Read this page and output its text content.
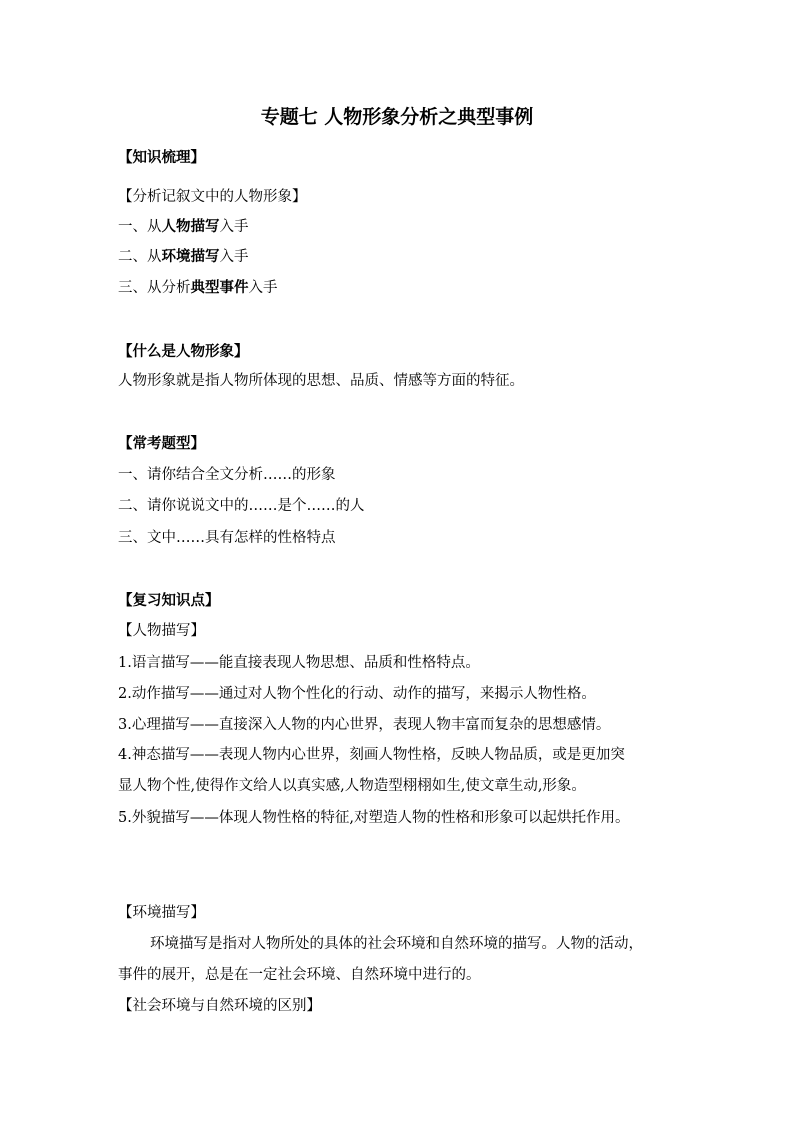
专题七 人物形象分析之典型事例
【知识梳理】
【分析记叙文中的人物形象】
一、从人物描写入手
二、从环境描写入手
三、从分析典型事件入手
【什么是人物形象】
人物形象就是指人物所体现的思想、品质、情感等方面的特征。
【常考题型】
一、请你结合全文分析……的形象
二、请你说说文中的……是个……的人
三、文中……具有怎样的性格特点
【复习知识点】
【人物描写】
1.语言描写——能直接表现人物思想、品质和性格特点。
2.动作描写——通过对人物个性化的行动、动作的描写，来揭示人物性格。
3.心理描写——直接深入人物的内心世界，表现人物丰富而复杂的思想感情。
4.神态描写——表现人物内心世界，刻画人物性格，反映人物品质，或是更加突
显人物个性,使得作文给人以真实感,人物造型栩栩如生,使文章生动,形象。
5.外貌描写——体现人物性格的特征,对塑造人物的性格和形象可以起烘托作用。
【环境描写】
环境描写是指对人物所处的具体的社会环境和自然环境的描写。人物的活动，
事件的展开，总是在一定社会环境、自然环境中进行的。
【社会环境与自然环境的区别】
